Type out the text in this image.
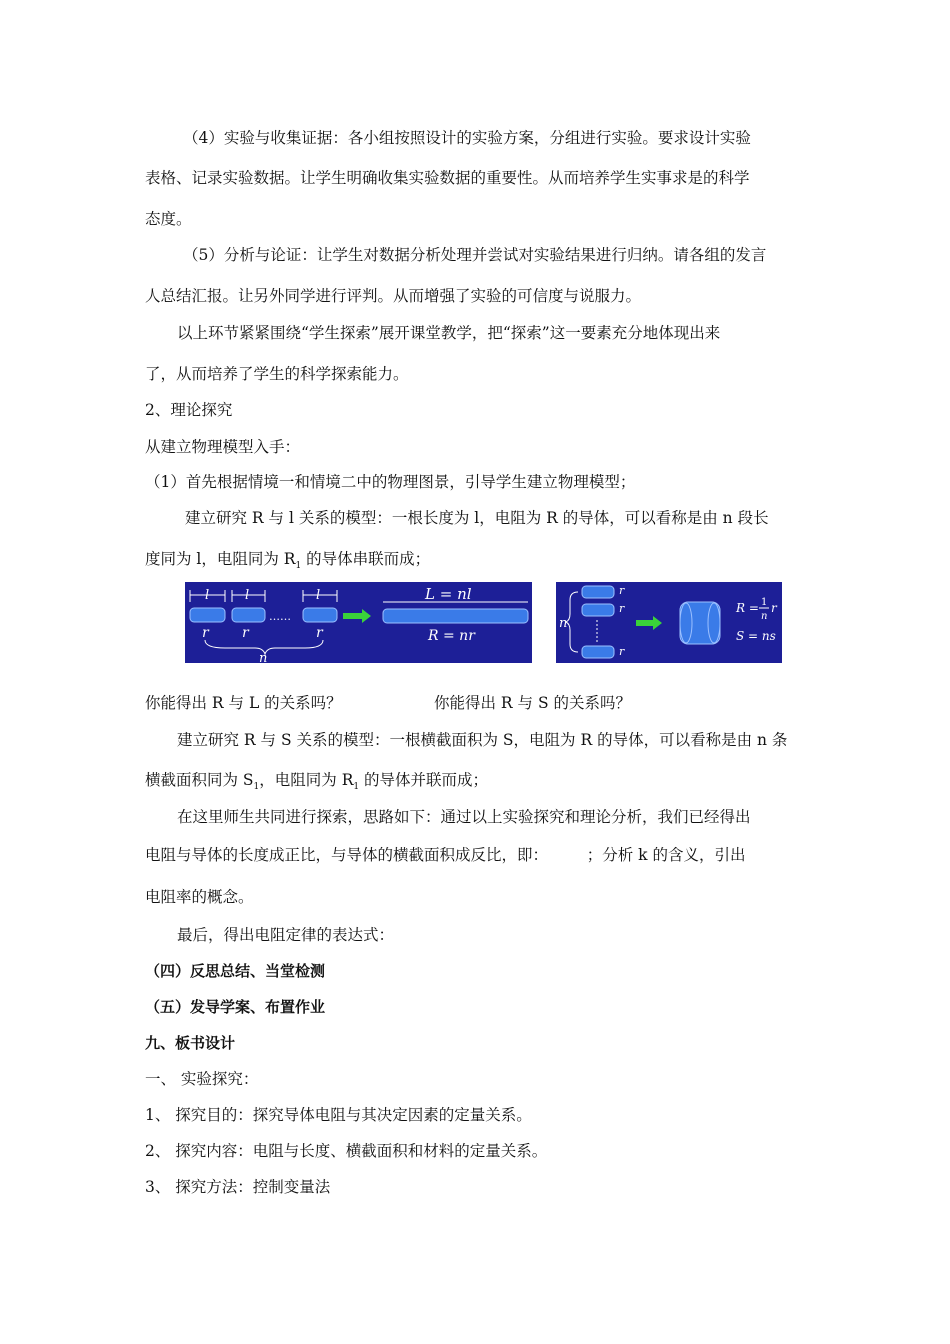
（4）实验与收集证据：各小组按照设计的实验方案，分组进行实验。要求设计实验
表格、记录实验数据。让学生明确收集实验数据的重要性。从而培养学生实事求是的科学
态度。
（5）分析与论证：让学生对数据分析处理并尝试对实验结果进行归纳。请各组的发言
人总结汇报。让另外同学进行评判。从而增强了实验的可信度与说服力。
以上环节紧紧围绕“学生探索”展开课堂教学，把“探索”这一要素充分地体现出来
了，从而培养了学生的科学探索能力。
2、理论探究
从建立物理模型入手：
（1）首先根据情境一和情境二中的物理图景，引导学生建立物理模型；
建立研究 R 与 l 关系的模型：一根长度为 l，电阻为 R 的导体，可以看称是由 n 段长
度同为 l，电阻同为 $R_1$ 的导体串联而成；
l	l	l
……
r r	r
n
L = nl
R = nr
n
r
r
r
R = 1
n
r
S = ns
你能得出 R 与 L 的关系吗？	你能得出 R 与 S 的关系吗？
建立研究 R 与 S 关系的模型：一根横截面积为 S，电阻为 R 的导体，可以看称是由 n 条
横截面积同为 $S_1$，电阻同为 $R_1$ 的导体并联而成；
在这里师生共同进行探索，思路如下：通过以上实验探究和理论分析，我们已经得出
电阻与导体的长度成正比，与导体的横截面积成反比，即：　　　；分析 k 的含义，引出
电阻率的概念。
最后，得出电阻定律的表达式：
（四）反思总结、当堂检测
（五）发导学案、布置作业
九、板书设计
一、 实验探究：
1、 探究目的：探究导体电阻与其决定因素的定量关系。
2、 探究内容：电阻与长度、横截面积和材料的定量关系。
3、 探究方法：控制变量法
